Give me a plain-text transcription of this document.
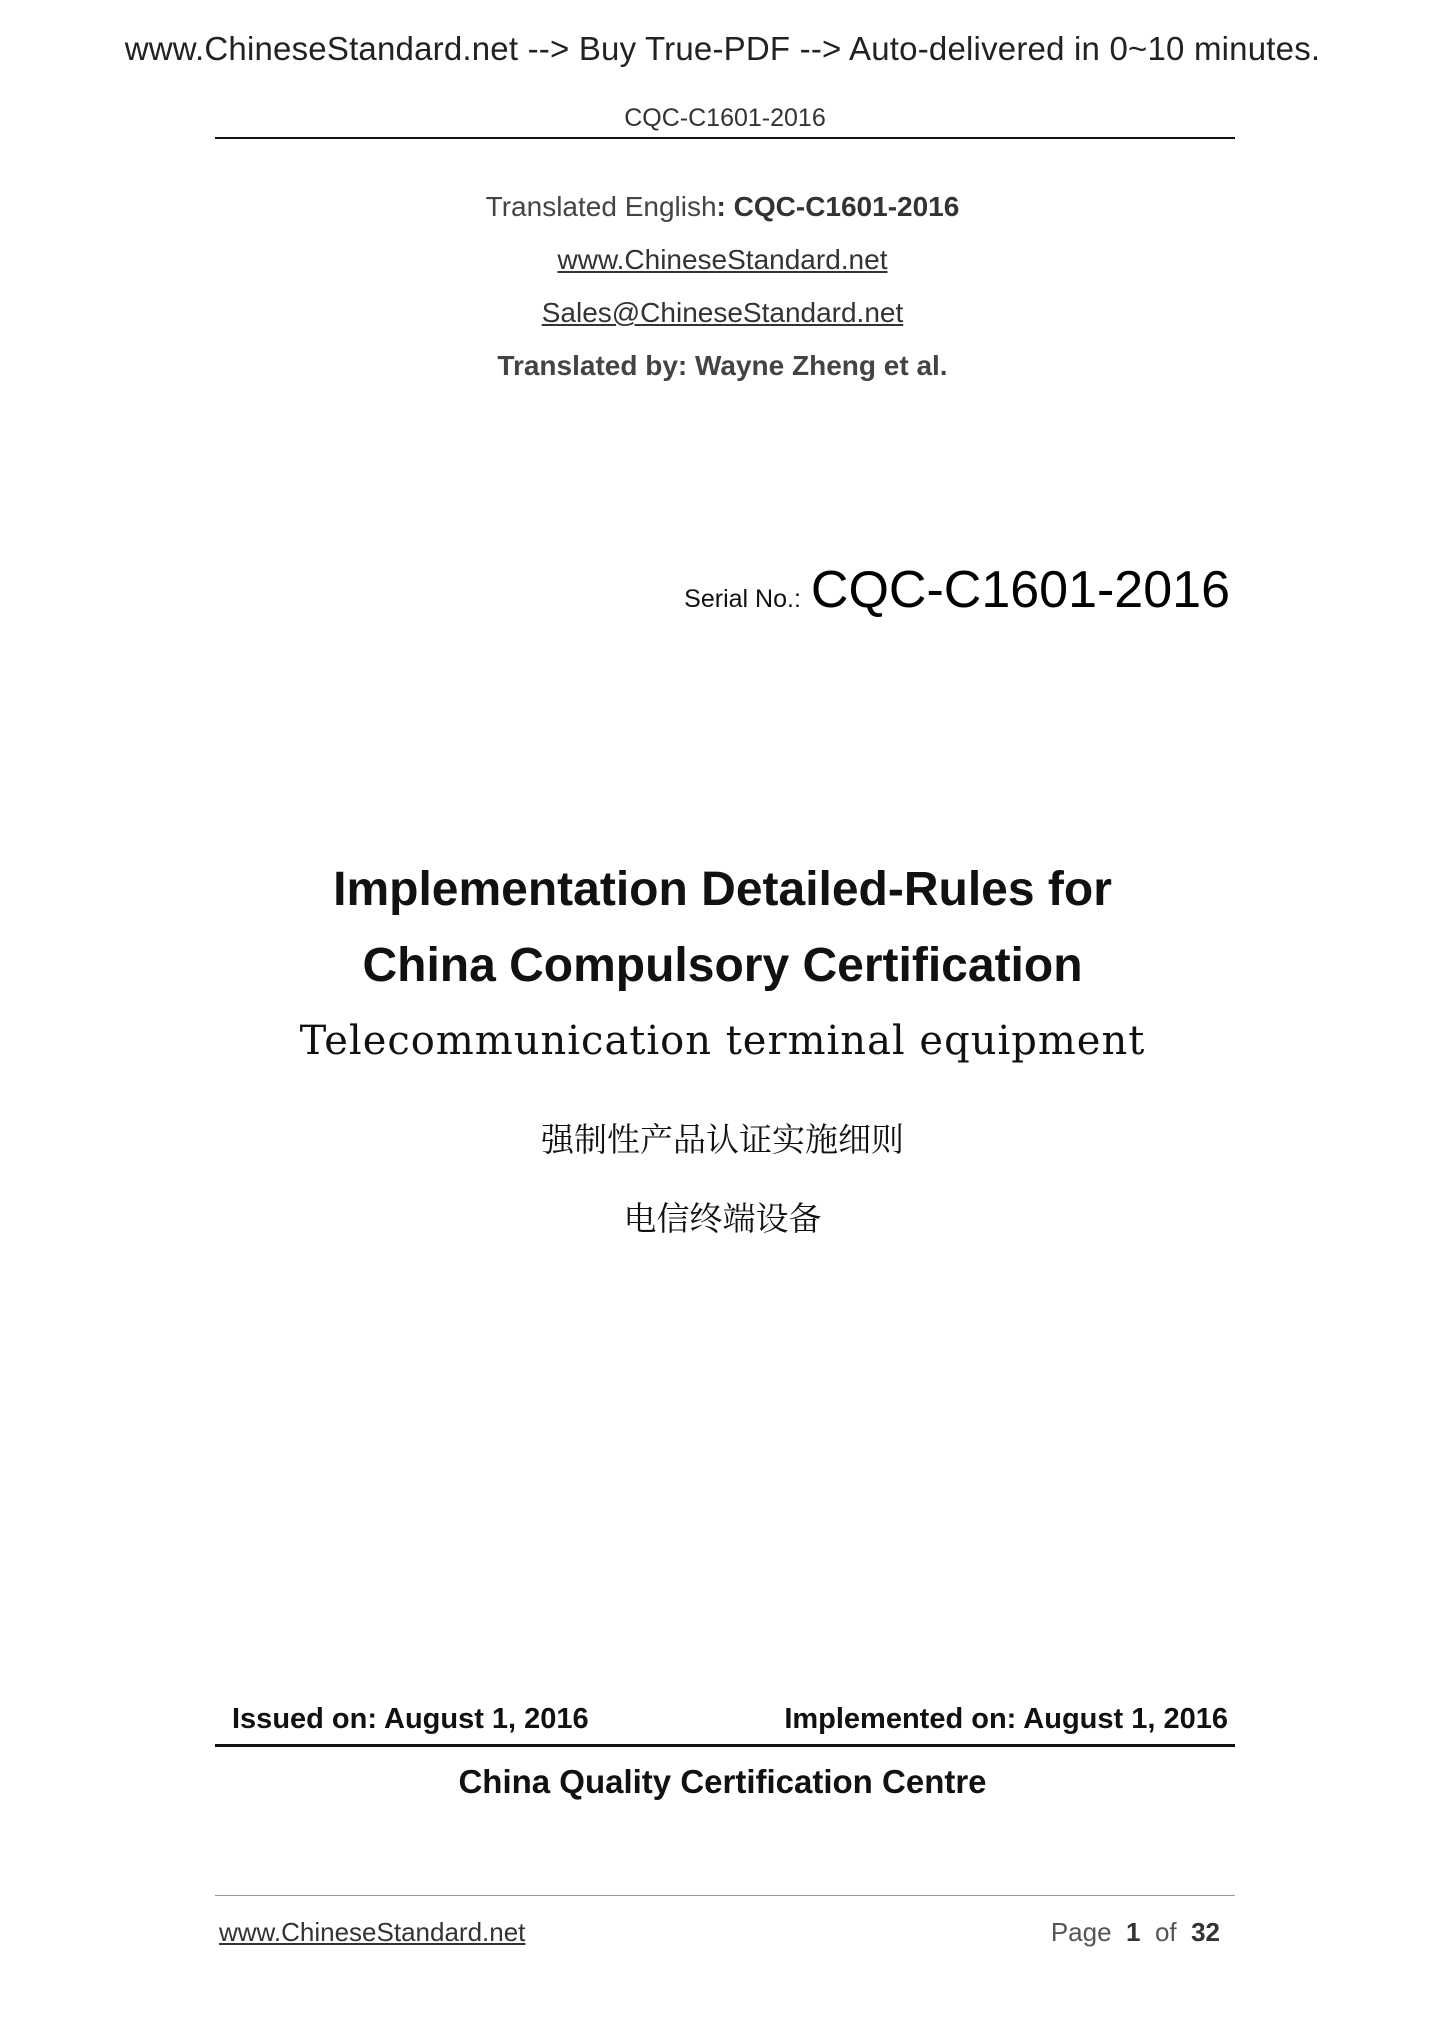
www.ChineseStandard.net --> Buy True-PDF --> Auto-delivered in 0~10 minutes.
CQC-C1601-2016
Translated English: CQC-C1601-2016
www.ChineseStandard.net
Sales@ChineseStandard.net
Translated by: Wayne Zheng et al.
Serial No.: CQC-C1601-2016
Implementation Detailed-Rules for
China Compulsory Certification
Telecommunication terminal equipment
强制性产品认证实施细则
电信终端设备
Issued on: August 1, 2016	Implemented on: August 1, 2016
China Quality Certification Centre
www.ChineseStandard.net	Page 1 of 32
